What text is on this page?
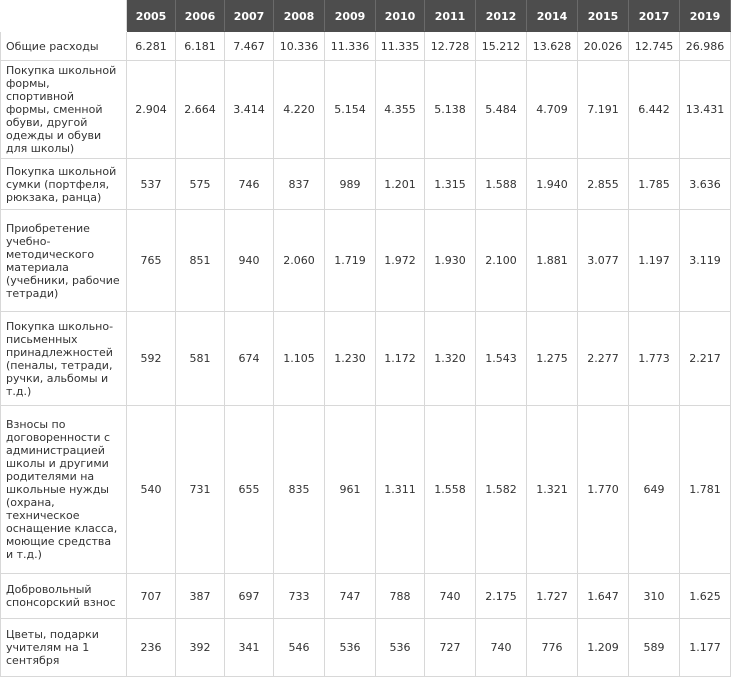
	2005	2006	2007	2008	2009	2010	2011	2012	2014	2015	2017	2019
Общие расходы	6.281	6.181	7.467	10.336	11.336	11.335	12.728	15.212	13.628	20.026	12.745	26.986
Покупка школьной формы, спортивной формы, сменной обуви, другой одежды и обуви для школы)	2.904	2.664	3.414	4.220	5.154	4.355	5.138	5.484	4.709	7.191	6.442	13.431
Покупка школьной сумки (портфеля, рюкзака, ранца)	537	575	746	837	989	1.201	1.315	1.588	1.940	2.855	1.785	3.636
Приобретение учебно-методического материала (учебники, рабочие тетради)	765	851	940	2.060	1.719	1.972	1.930	2.100	1.881	3.077	1.197	3.119
Покупка школьно-письменных принадлежностей (пеналы, тетради, ручки, альбомы и т.д.)	592	581	674	1.105	1.230	1.172	1.320	1.543	1.275	2.277	1.773	2.217
Взносы по договоренности с администрацией школы и другими родителями на школьные нужды (охрана, техническое оснащение класса, моющие средства и т.д.)	540	731	655	835	961	1.311	1.558	1.582	1.321	1.770	649	1.781
Добровольный спонсорский взнос	707	387	697	733	747	788	740	2.175	1.727	1.647	310	1.625
Цветы, подарки учителям на 1 сентября	236	392	341	546	536	536	727	740	776	1.209	589	1.177
